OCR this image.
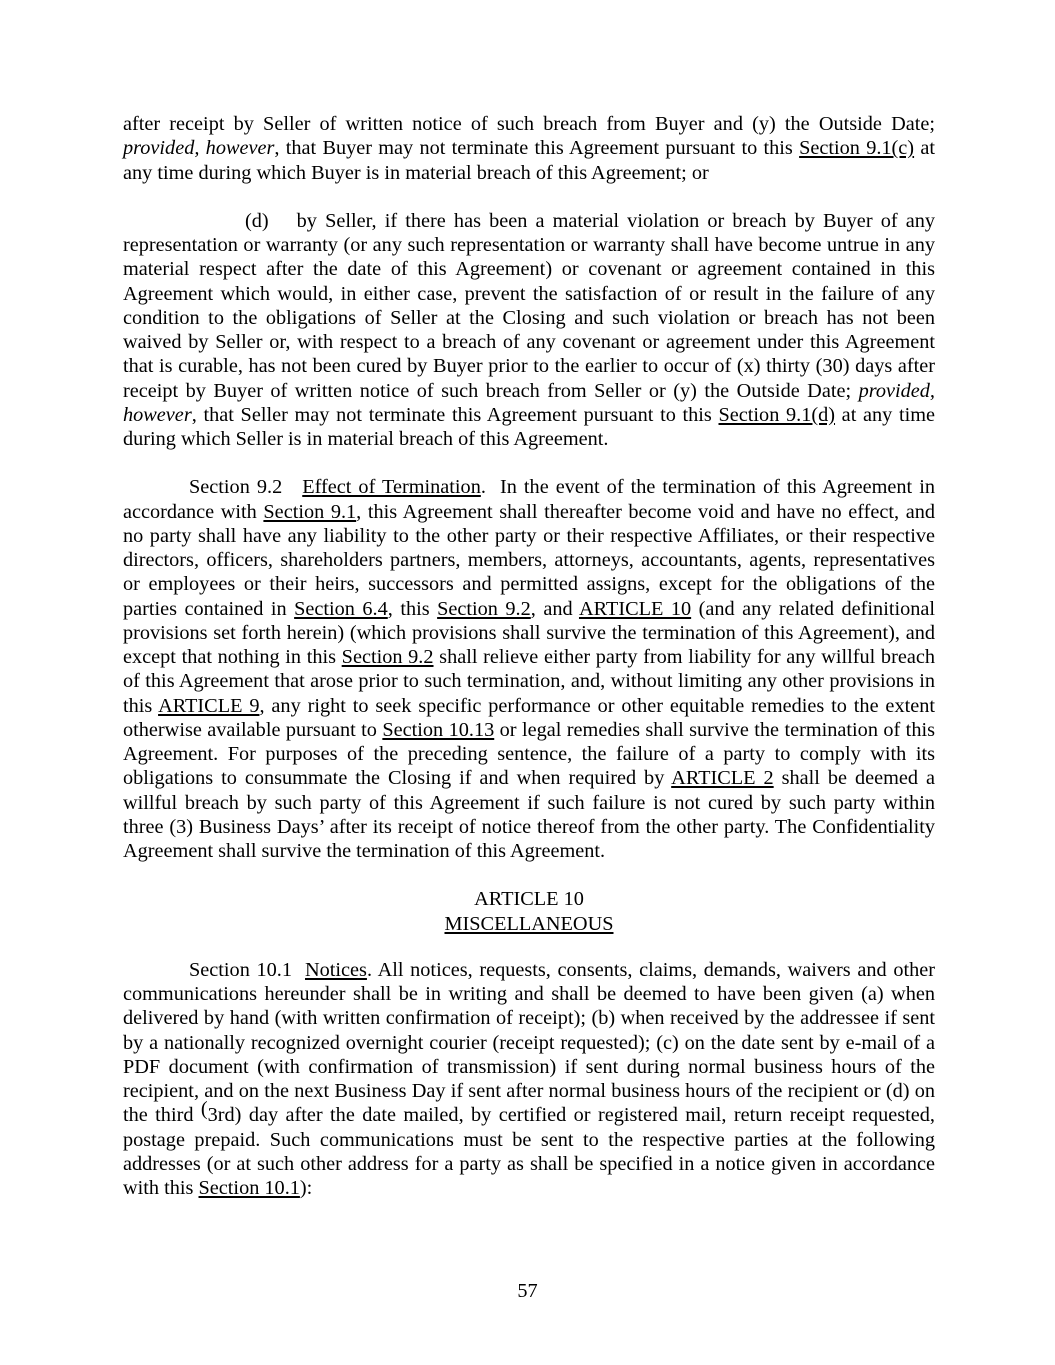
after receipt by Seller of written notice of such breach from Buyer and (y) the Outside Date; provided, however, that Buyer may not terminate this Agreement pursuant to this Section 9.1(c) at any time during which Buyer is in material breach of this Agreement; or

(d) by Seller, if there has been a material violation or breach by Buyer of any representation or warranty (or any such representation or warranty shall have become untrue in any material respect after the date of this Agreement) or covenant or agreement contained in this Agreement which would, in either case, prevent the satisfaction of or result in the failure of any condition to the obligations of Seller at the Closing and such violation or breach has not been waived by Seller or, with respect to a breach of any covenant or agreement under this Agreement that is curable, has not been cured by Buyer prior to the earlier to occur of (x) thirty (30) days after receipt by Buyer of written notice of such breach from Seller or (y) the Outside Date; provided, however, that Seller may not terminate this Agreement pursuant to this Section 9.1(d) at any time during which Seller is in material breach of this Agreement.

Section 9.2 Effect of Termination.  In the event of the termination of this Agreement in accordance with Section 9.1, this Agreement shall thereafter become void and have no effect, and no party shall have any liability to the other party or their respective Affiliates, or their respective directors, officers, shareholders partners, members, attorneys, accountants, agents, representatives or employees or their heirs, successors and permitted assigns, except for the obligations of the parties contained in Section 6.4, this Section 9.2, and ARTICLE 10 (and any related definitional provisions set forth herein) (which provisions shall survive the termination of this Agreement), and except that nothing in this Section 9.2 shall relieve either party from liability for any willful breach of this Agreement that arose prior to such termination, and, without limiting any other provisions in this ARTICLE 9, any right to seek specific performance or other equitable remedies to the extent otherwise available pursuant to Section 10.13 or legal remedies shall survive the termination of this Agreement. For purposes of the preceding sentence, the failure of a party to comply with its obligations to consummate the Closing if and when required by ARTICLE 2 shall be deemed a willful breach by such party of this Agreement if such failure is not cured by such party within three (3) Business Days’ after its receipt of notice thereof from the other party. The Confidentiality Agreement shall survive the termination of this Agreement.

ARTICLE 10
MISCELLANEOUS

Section 10.1 Notices. All notices, requests, consents, claims, demands, waivers and other communications hereunder shall be in writing and shall be deemed to have been given (a) when delivered by hand (with written confirmation of receipt); (b) when received by the addressee if sent by a nationally recognized overnight courier (receipt requested); (c) on the date sent by e-mail of a PDF document (with confirmation of transmission) if sent during normal business hours of the recipient, and on the next Business Day if sent after normal business hours of the recipient or (d) on the third (3rd) day after the date mailed, by certified or registered mail, return receipt requested, postage prepaid. Such communications must be sent to the respective parties at the following addresses (or at such other address for a party as shall be specified in a notice given in accordance with this Section 10.1):

57
